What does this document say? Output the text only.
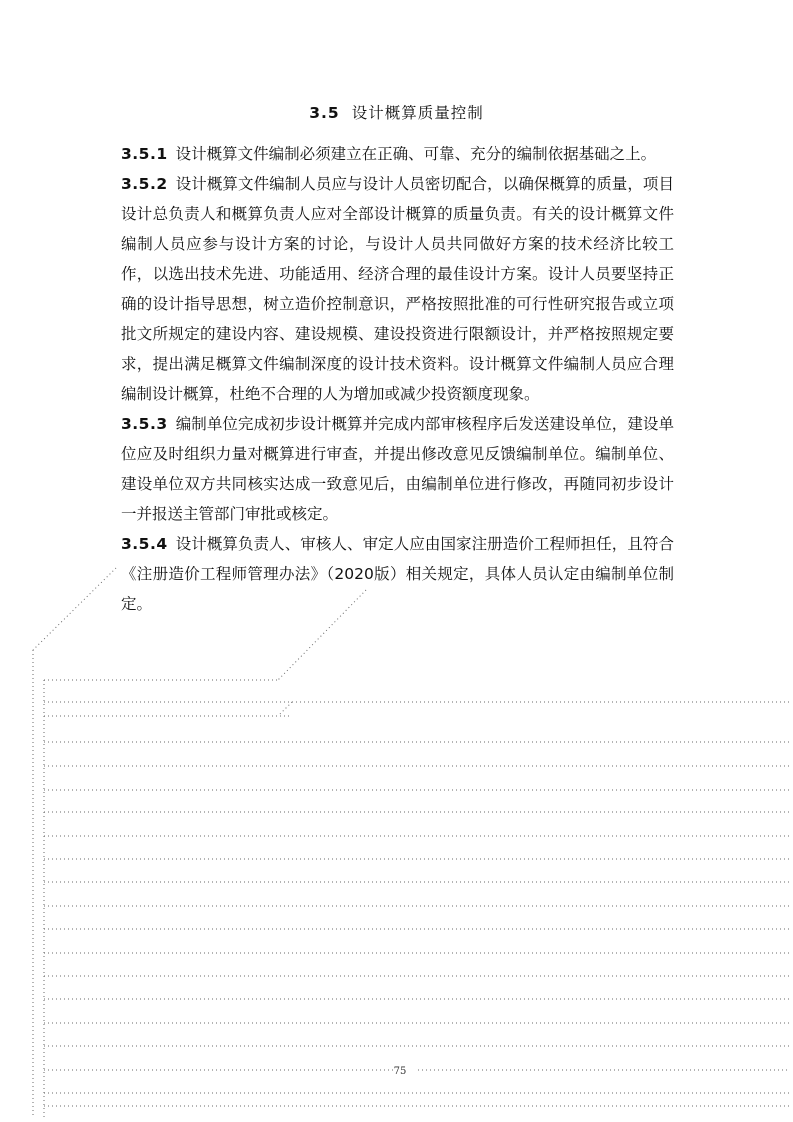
3.5 设计概算质量控制

3.5.1 设计概算文件编制必须建立在正确、可靠、充分的编制依据基础之上。

3.5.2 设计概算文件编制人员应与设计人员密切配合，以确保概算的质量，项目设计总负责人和概算负责人应对全部设计概算的质量负责。有关的设计概算文件编制人员应参与设计方案的讨论，与设计人员共同做好方案的技术经济比较工作，以选出技术先进、功能适用、经济合理的最佳设计方案。设计人员要坚持正确的设计指导思想，树立造价控制意识，严格按照批准的可行性研究报告或立项批文所规定的建设内容、建设规模、建设投资进行限额设计，并严格按照规定要求，提出满足概算文件编制深度的设计技术资料。设计概算文件编制人员应合理编制设计概算，杜绝不合理的人为增加或减少投资额度现象。

3.5.3 编制单位完成初步设计概算并完成内部审核程序后发送建设单位，建设单位应及时组织力量对概算进行审查，并提出修改意见反馈编制单位。编制单位、建设单位双方共同核实达成一致意见后，由编制单位进行修改，再随同初步设计一并报送主管部门审批或核定。

3.5.4 设计概算负责人、审核人、审定人应由国家注册造价工程师担任，且符合《注册造价工程师管理办法》（2020版）相关规定，具体人员认定由编制单位制定。

75
